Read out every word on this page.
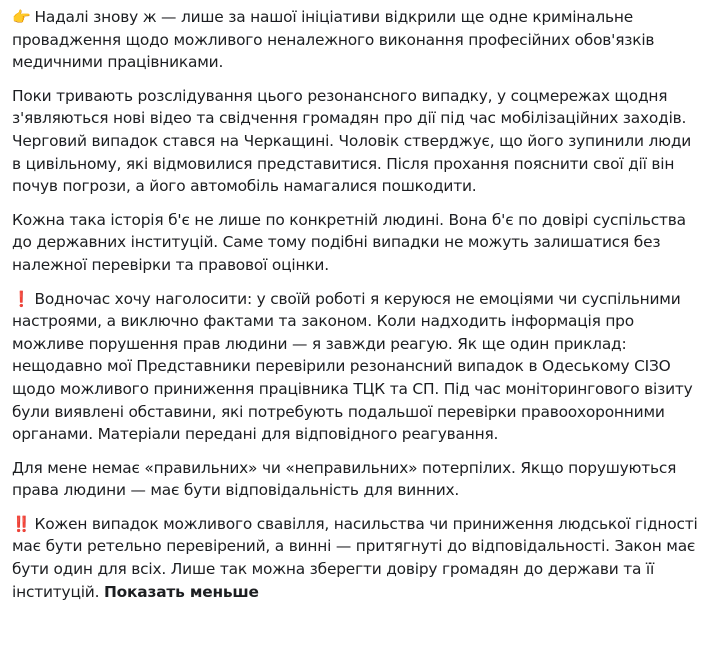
👉 Надалі знову ж — лише за нашої ініціативи відкрили ще одне кримінальне провадження щодо можливого неналежного виконання професійних обов'язків медичними працівниками.

Поки тривають розслідування цього резонансного випадку, у соцмережах щодня з'являються нові відео та свідчення громадян про дії під час мобілізаційних заходів. Черговий випадок стався на Черкащині. Чоловік стверджує, що його зупинили люди в цивільному, які відмовилися представитися. Після прохання пояснити свої дії він почув погрози, а його автомобіль намагалися пошкодити.

Кожна така історія б'є не лише по конкретній людині. Вона б'є по довірі суспільства до державних інституцій. Саме тому подібні випадки не можуть залишатися без належної перевірки та правової оцінки.

❗ Водночас хочу наголосити: у своїй роботі я керуюся не емоціями чи суспільними настроями, а виключно фактами та законом. Коли надходить інформація про можливе порушення прав людини — я завжди реагую. Як ще один приклад: нещодавно мої Представники перевірили резонансний випадок в Одеському СІЗО щодо можливого приниження працівника ТЦК та СП. Під час моніторингового візиту були виявлені обставини, які потребують подальшої перевірки правоохоронними органами. Матеріали передані для відповідного реагування.

Для мене немає «правильних» чи «неправильних» потерпілих. Якщо порушуються права людини — має бути відповідальність для винних.

‼️ Кожен випадок можливого свавілля, насильства чи приниження людської гідності має бути ретельно перевірений, а винні — притягнуті до відповідальності. Закон має бути один для всіх. Лише так можна зберегти довіру громадян до держави та її інституцій. Показать меньше
